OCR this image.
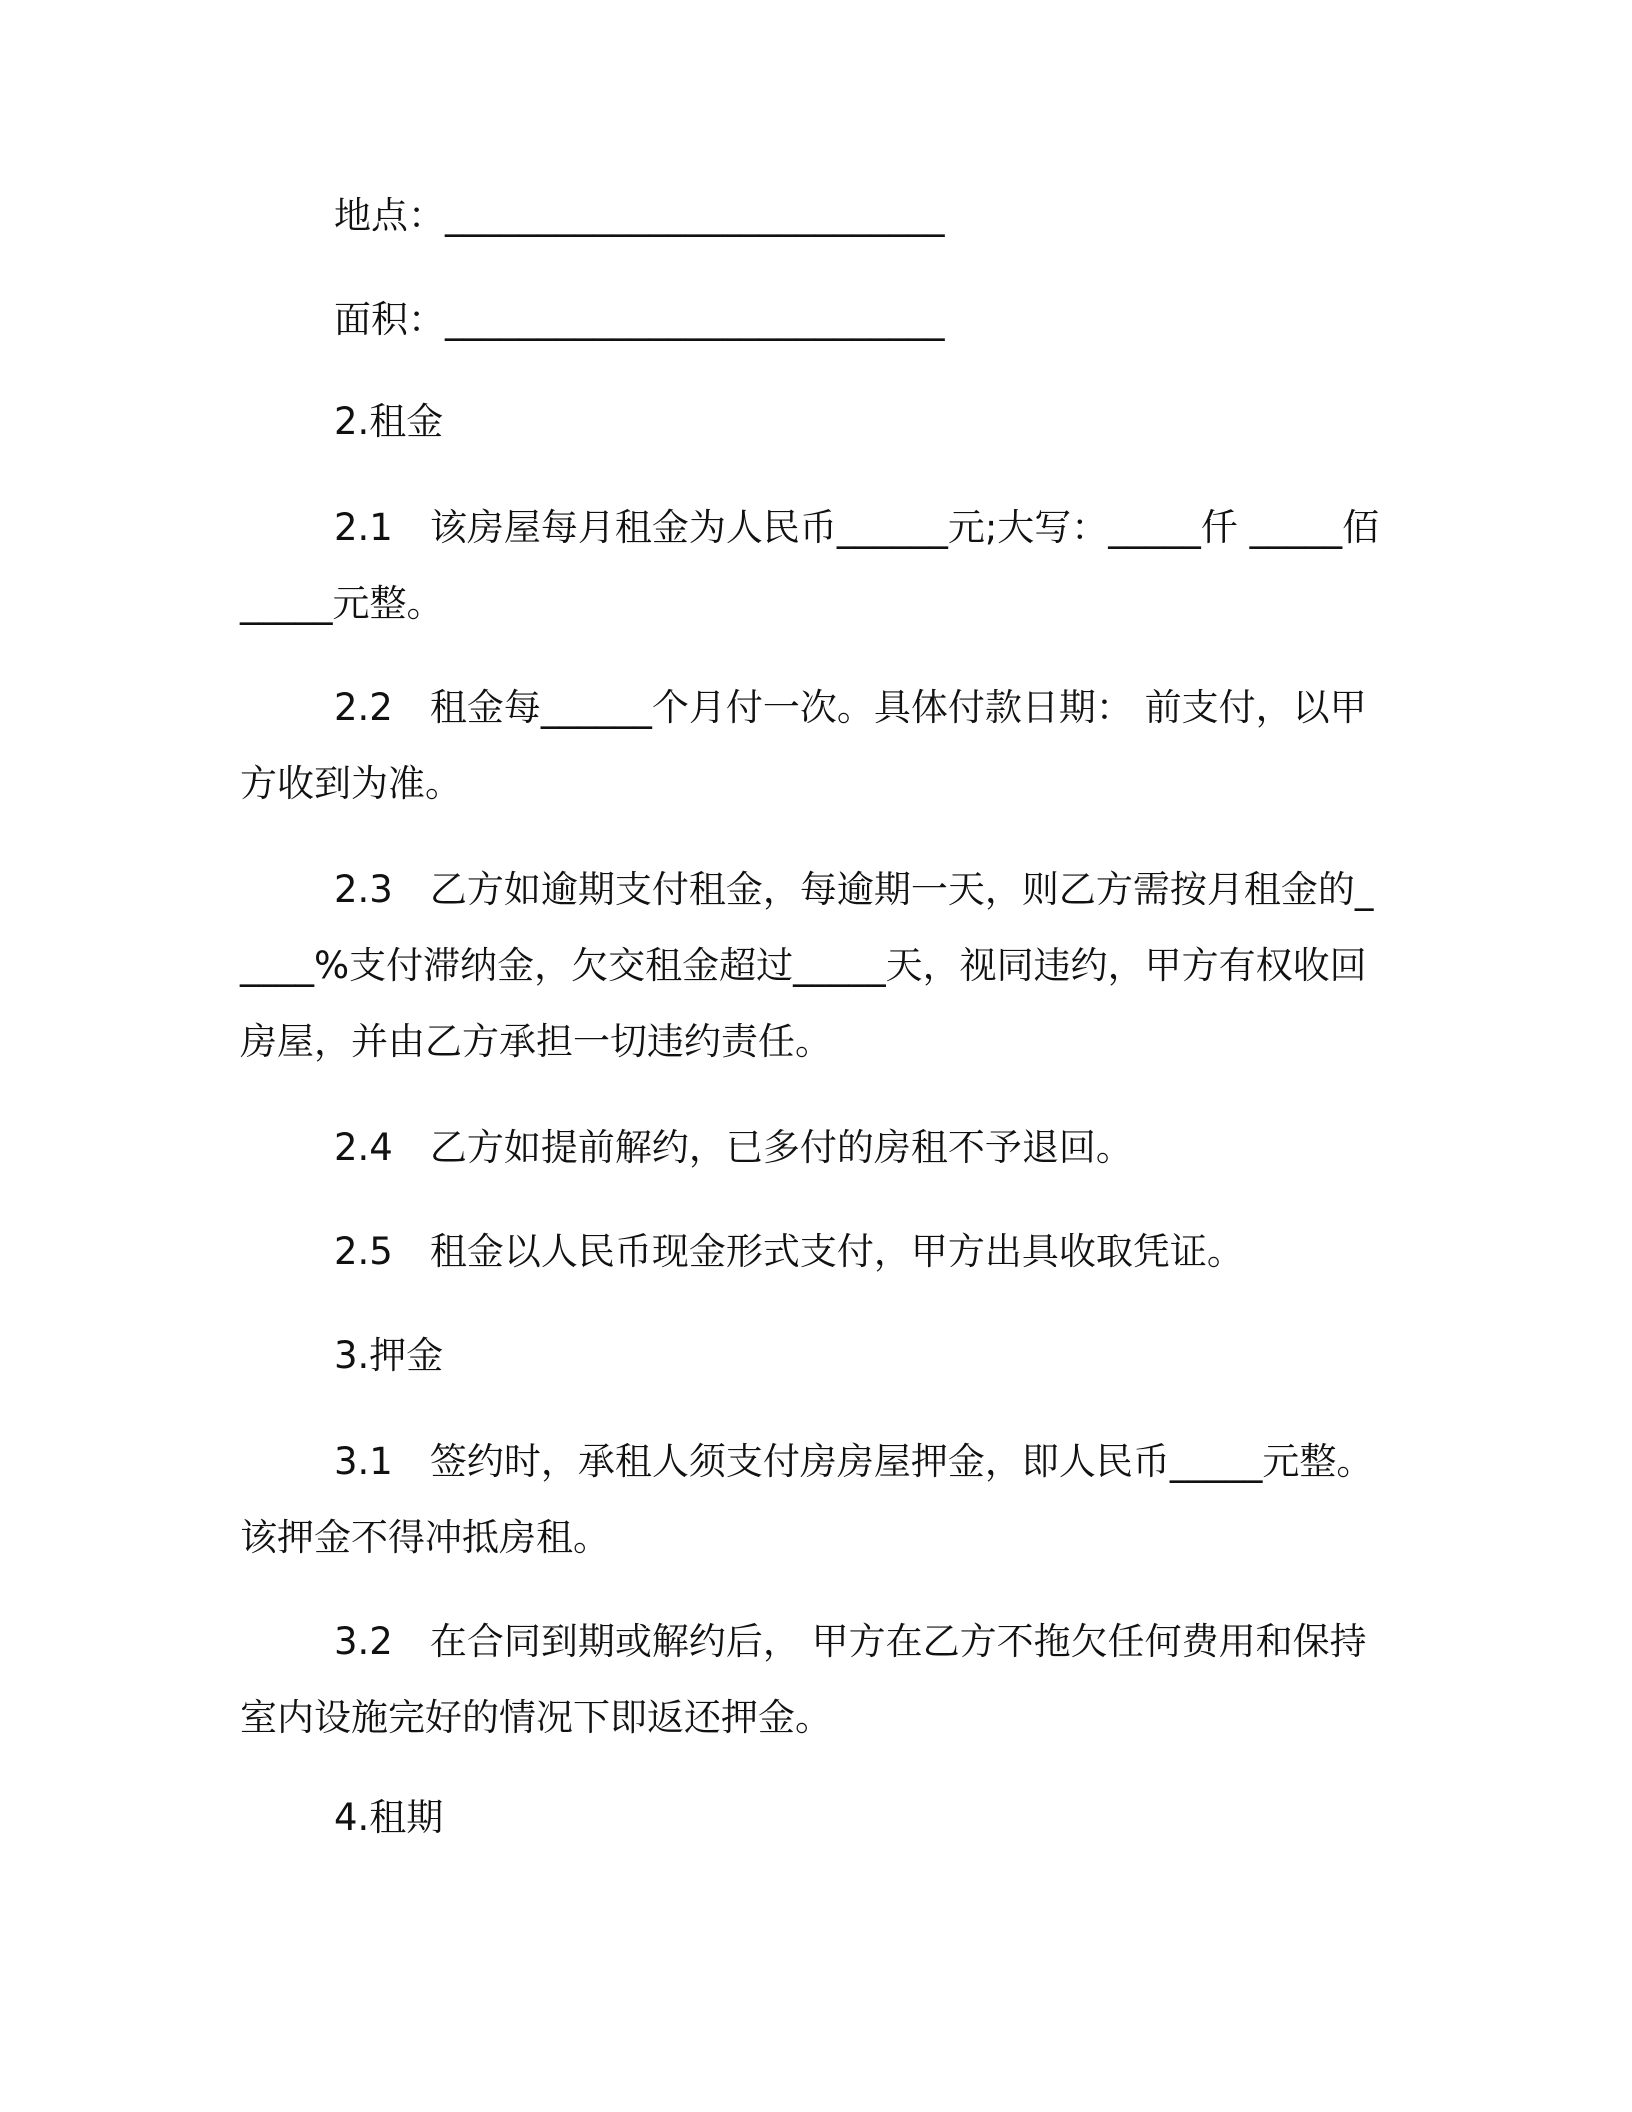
地点：___________________________

面积：___________________________

2.租金

2.1　该房屋每月租金为人民币______元;大写：_____仟 _____佰 _____元整。

2.2　租金每______个月付一次。具体付款日期： 前支付，以甲方收到为准。

2.3　乙方如逾期支付租金，每逾期一天，则乙方需按月租金的_____%支付滞纳金，欠交租金超过_____天，视同违约，甲方有权收回房屋，并由乙方承担一切违约责任。

2.4　乙方如提前解约，已多付的房租不予退回。

2.5　租金以人民币现金形式支付，甲方出具收取凭证。

3.押金

3.1　签约时，承租人须支付房房屋押金，即人民币_____元整。该押金不得冲抵房租。

3.2　在合同到期或解约后， 甲方在乙方不拖欠任何费用和保持室内设施完好的情况下即返还押金。

4.租期
